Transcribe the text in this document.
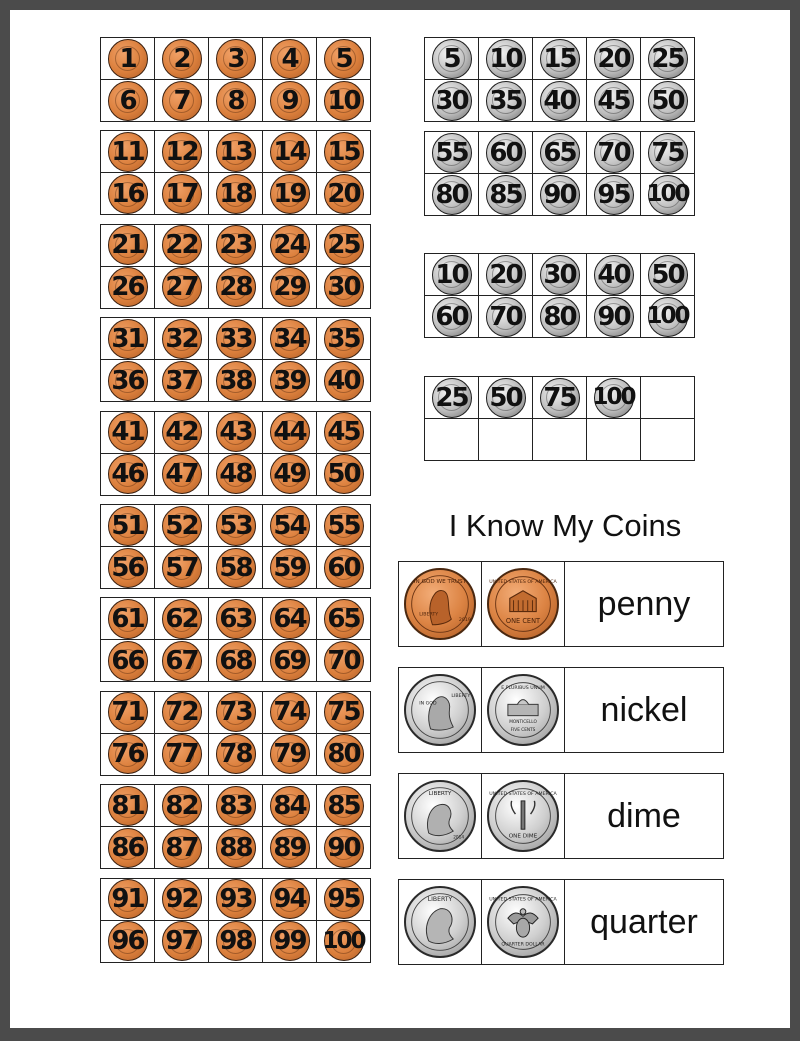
1 2 3 4 5
6 7 8 9 10
11 12 13 14 15
16 17 18 19 20
21 22 23 24 25
26 27 28 29 30
31 32 33 34 35
36 37 38 39 40
41 42 43 44 45
46 47 48 49 50
51 52 53 54 55
56 57 58 59 60
61 62 63 64 65
66 67 68 69 70
71 72 73 74 75
76 77 78 79 80
81 82 83 84 85
86 87 88 89 90
91 92 93 94 95
96 97 98 99 100
5 10 15 20 25
30 35 40 45 50
55 60 65 70 75
80 85 90 95 100
10 20 30 40 50
60 70 80 90 100
25 50 75 100
I Know My Coins
IN GOD WE TRUST
LIBERTY
2019
UNITED STATES OF AMERICA
ONE CENT	penny
IN GOD
LIBERTY
E PLURIBUS UNUM
MONTICELLO
FIVE CENTS
nickel
LIBERTY
2014
UNITED STATES OF AMERICA
ONE DIME
dime
LIBERTY	UNITED STATES OF AMERICA
QUARTER DOLLAR
quarter
